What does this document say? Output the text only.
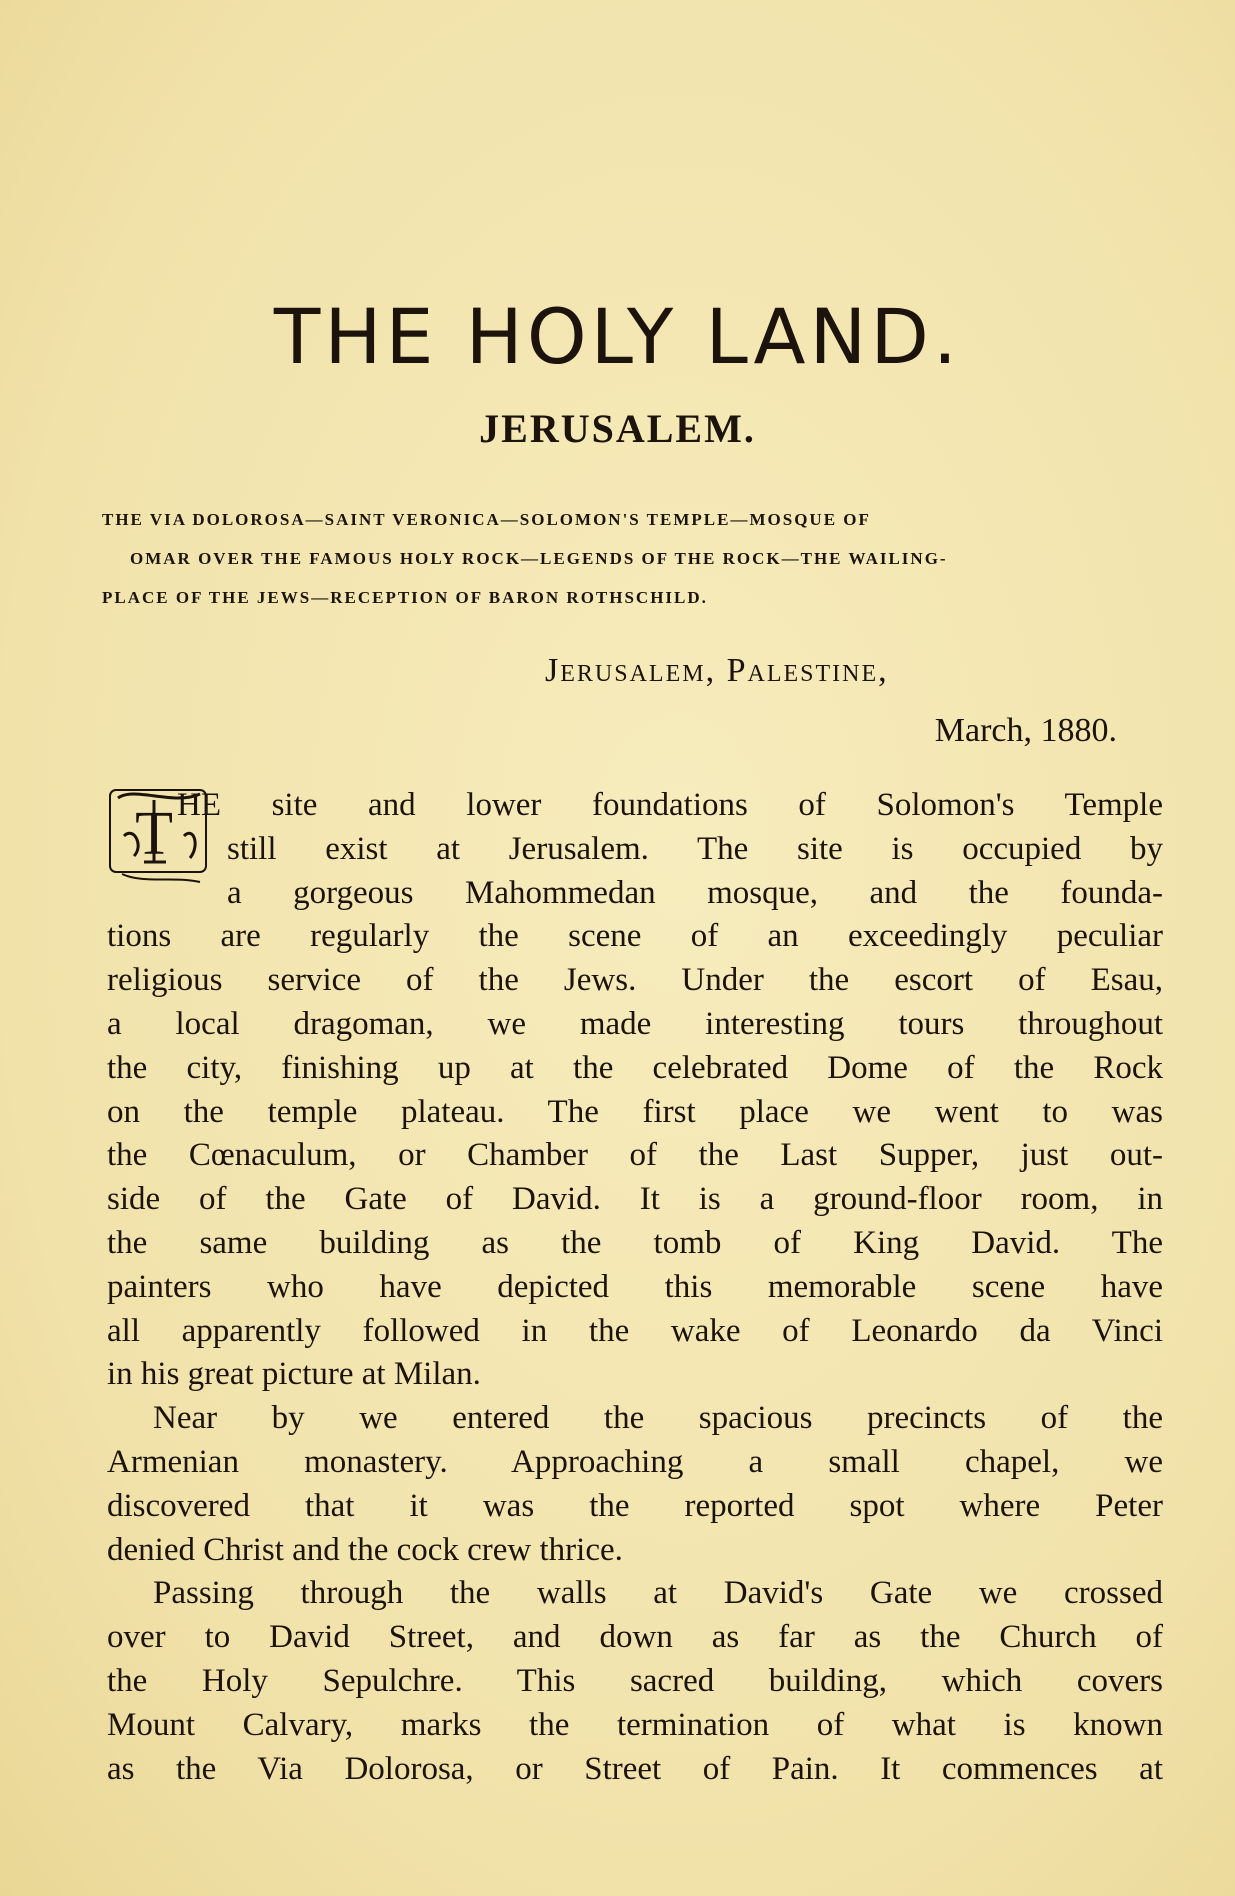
THE HOLY LAND.
JERUSALEM.
THE VIA DOLOROSA—SAINT VERONICA—SOLOMON'S TEMPLE—MOSQUE OF
OMAR OVER THE FAMOUS HOLY ROCK—LEGENDS OF THE ROCK—THE WAILING-
PLACE OF THE JEWS—RECEPTION OF BARON ROTHSCHILD.
Jerusalem, Palestine,
March, 1880.
T HE site and lower foundations of Solomon's Temple
still exist at Jerusalem. The site is occupied by
a gorgeous Mahommedan mosque, and the founda-
tions are regularly the scene of an exceedingly peculiar
religious service of the Jews. Under the escort of Esau,
a local dragoman, we made interesting tours throughout
the city, finishing up at the celebrated Dome of the Rock
on the temple plateau. The first place we went to was
the Cœnaculum, or Chamber of the Last Supper, just out-
side of the Gate of David. It is a ground-floor room, in
the same building as the tomb of King David. The
painters who have depicted this memorable scene have
all apparently followed in the wake of Leonardo da Vinci
in his great picture at Milan.
Near by we entered the spacious precincts of the
Armenian monastery. Approaching a small chapel, we
discovered that it was the reported spot where Peter
denied Christ and the cock crew thrice.
Passing through the walls at David's Gate we crossed
over to David Street, and down as far as the Church of
the Holy Sepulchre. This sacred building, which covers
Mount Calvary, marks the termination of what is known
as the Via Dolorosa, or Street of Pain. It commences at
